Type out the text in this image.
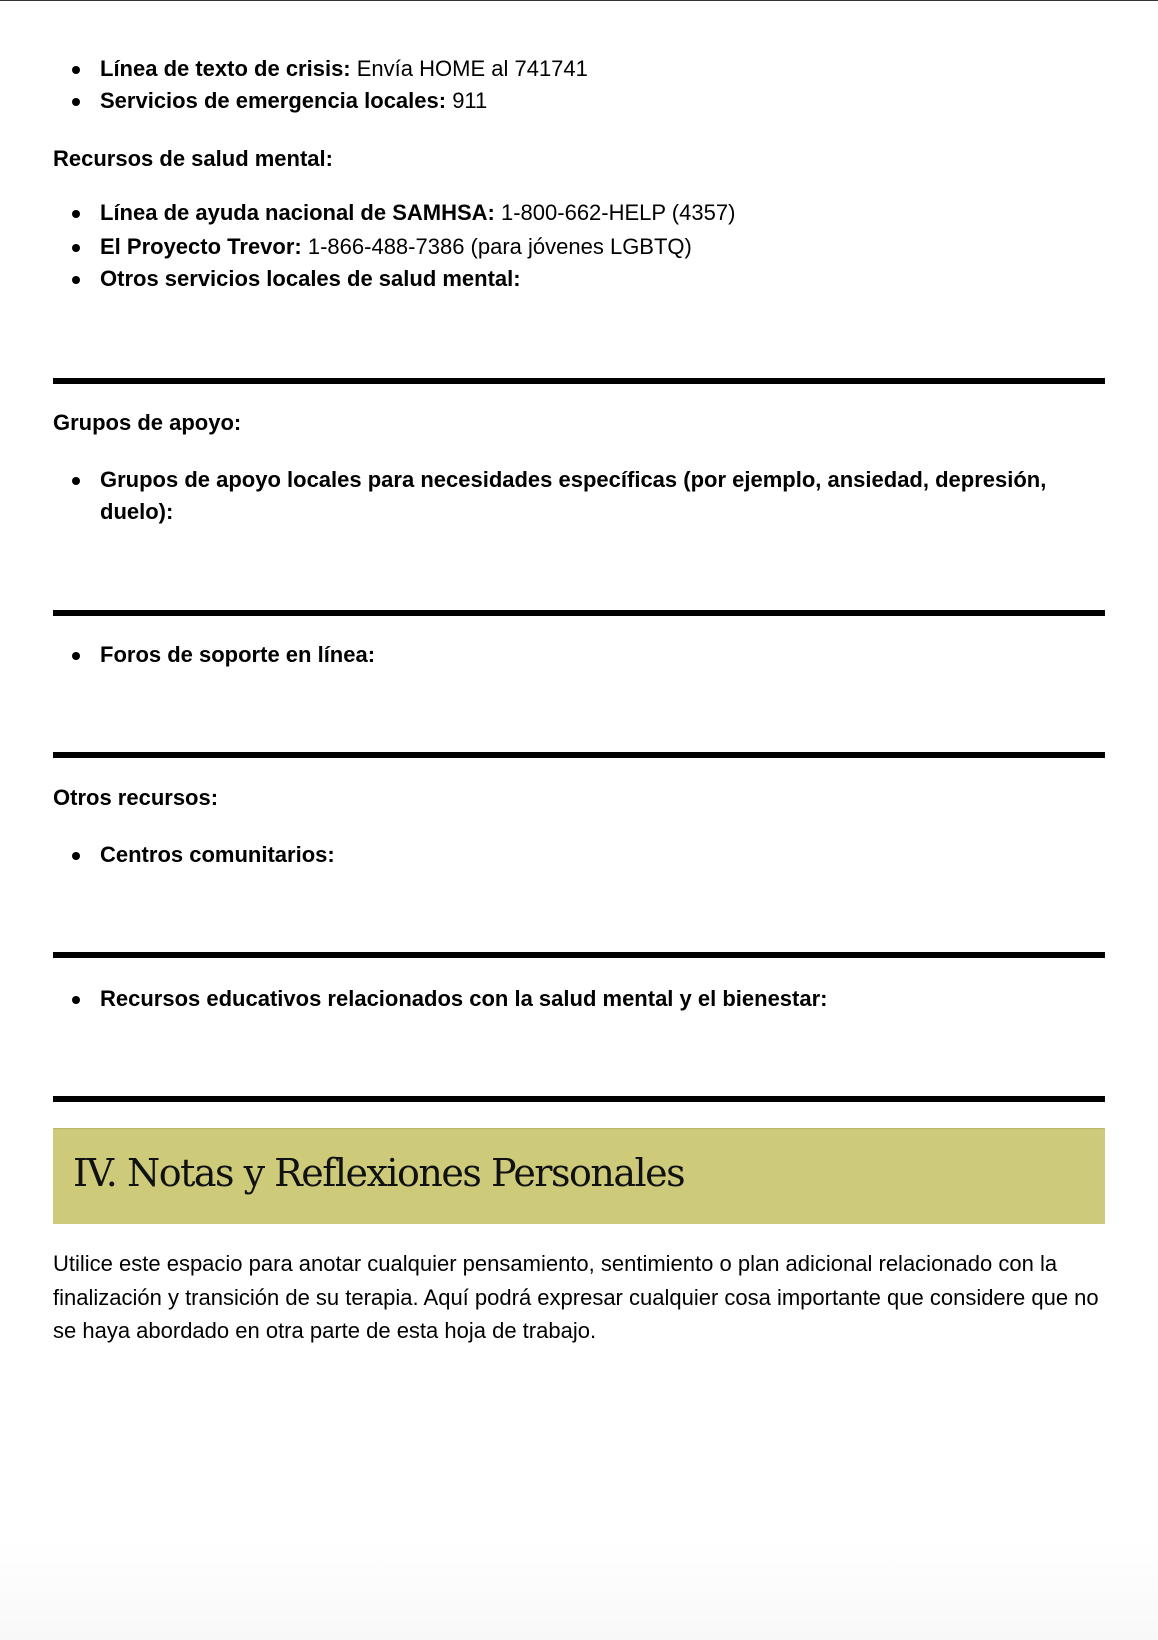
Línea de texto de crisis: Envía HOME al 741741
Servicios de emergencia locales: 911
Recursos de salud mental:
Línea de ayuda nacional de SAMHSA: 1-800-662-HELP (4357)
El Proyecto Trevor: 1-866-488-7386 (para jóvenes LGBTQ)
Otros servicios locales de salud mental:
Grupos de apoyo:
Grupos de apoyo locales para necesidades específicas (por ejemplo, ansiedad, depresión, duelo):
Foros de soporte en línea:
Otros recursos:
Centros comunitarios:
Recursos educativos relacionados con la salud mental y el bienestar:
IV. Notas y Reflexiones Personales
Utilice este espacio para anotar cualquier pensamiento, sentimiento o plan adicional relacionado con la finalización y transición de su terapia. Aquí podrá expresar cualquier cosa importante que considere que no se haya abordado en otra parte de esta hoja de trabajo.
